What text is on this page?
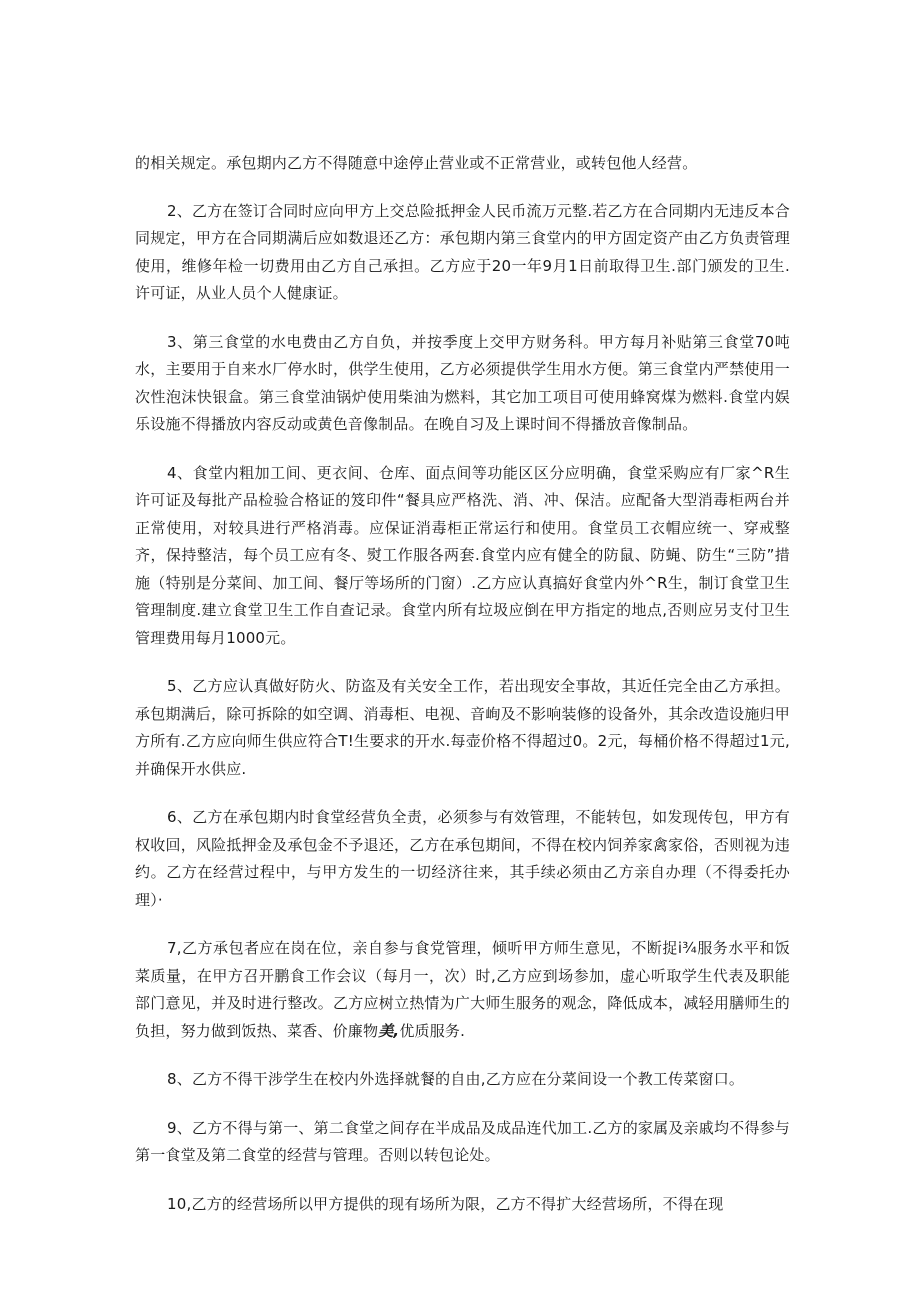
的相关规定。承包期内乙方不得随意中途停止营业或不正常营业，或转包他人经营。

2、乙方在签订合同时应向甲方上交总险抵押金人民币流万元整.若乙方在合同期内无违反本合同规定，甲方在合同期满后应如数退还乙方：承包期内第三食堂内的甲方固定资产由乙方负责管理使用，维修年检一切费用由乙方自己承担。乙方应于20一年9月1日前取得卫生.部门颁发的卫生.许可证，从业人员个人健康证。

3、第三食堂的水电费由乙方自负，并按季度上交甲方财务科。甲方每月补贴第三食堂70吨水，主要用于自来水厂停水时，供学生使用，乙方必须提供学生用水方便。第三食堂内严禁使用一次性泡沫快银盒。第三食堂油锅炉使用柴油为燃料，其它加工项目可使用蜂窝煤为燃料.食堂内娱乐设施不得播放内容反动或黄色音像制品。在晚自习及上课时间不得播放音像制品。

4、食堂内粗加工间、更衣间、仓库、面点间等功能区区分应明确，食堂采购应有厂家^R生许可证及每批产品检验合格证的笈印件“餐具应严格洗、消、冲、保洁。应配备大型消毒柜两台并正常使用，对较具进行严格消毒。应保证消毒柜正常运行和使用。食堂员工衣帽应统一、穿戒整齐，保持整洁，每个员工应有冬、熨工作服各两套.食堂内应有健全的防鼠、防蝇、防生“三防”措施（特别是分菜间、加工间、餐厅等场所的门窗）.乙方应认真搞好食堂内外^R生，制订食堂卫生管理制度.建立食堂卫生工作自查记录。食堂内所有垃圾应倒在甲方指定的地点,否则应另支付卫生管理费用每月1000元。

5、乙方应认真做好防火、防盗及有关安全工作，若出现安全事故，其近任完全由乙方承担。承包期满后，除可拆除的如空调、消毒柜、电视、音峋及不影响装修的设备外，其余改造设施归甲方所有.乙方应向师生供应符合T!生要求的开水.每壶价格不得超过0。2元，每桶价格不得超过1元,并确保开水供应.

6、乙方在承包期内时食堂经营负全责，必须参与有效管理，不能转包，如发现传包，甲方有权收回，风险抵押金及承包金不予退还，乙方在承包期间，不得在校内饲养家禽家俗，否则视为违约。乙方在经营过程中，与甲方发生的一切经济往来，其手续必须由乙方亲自办理（不得委托办理）·

7,乙方承包者应在岗在位，亲自参与食党管理，倾听甲方师生意见，不断捉i¾服务水平和饭菜质量，在甲方召开鹏食工作会议（每月一，次）时,乙方应到场参加，虚心听取学生代表及职能部门意见，并及时进行整改。乙方应树立热情为广大师生服务的观念，降低成本，减轻用膳师生的负担，努力做到饭热、菜香、价廉物美,优质服务.

8、乙方不得干涉学生在校内外选择就餐的自由,乙方应在分菜间设一个教工传菜窗口。

9、乙方不得与第一、第二食堂之间存在半成品及成品连代加工.乙方的家属及亲戚均不得参与第一食堂及第二食堂的经营与管理。否则以转包论处。

10,乙方的经营场所以甲方提供的现有场所为限，乙方不得扩大经营场所，不得在现
